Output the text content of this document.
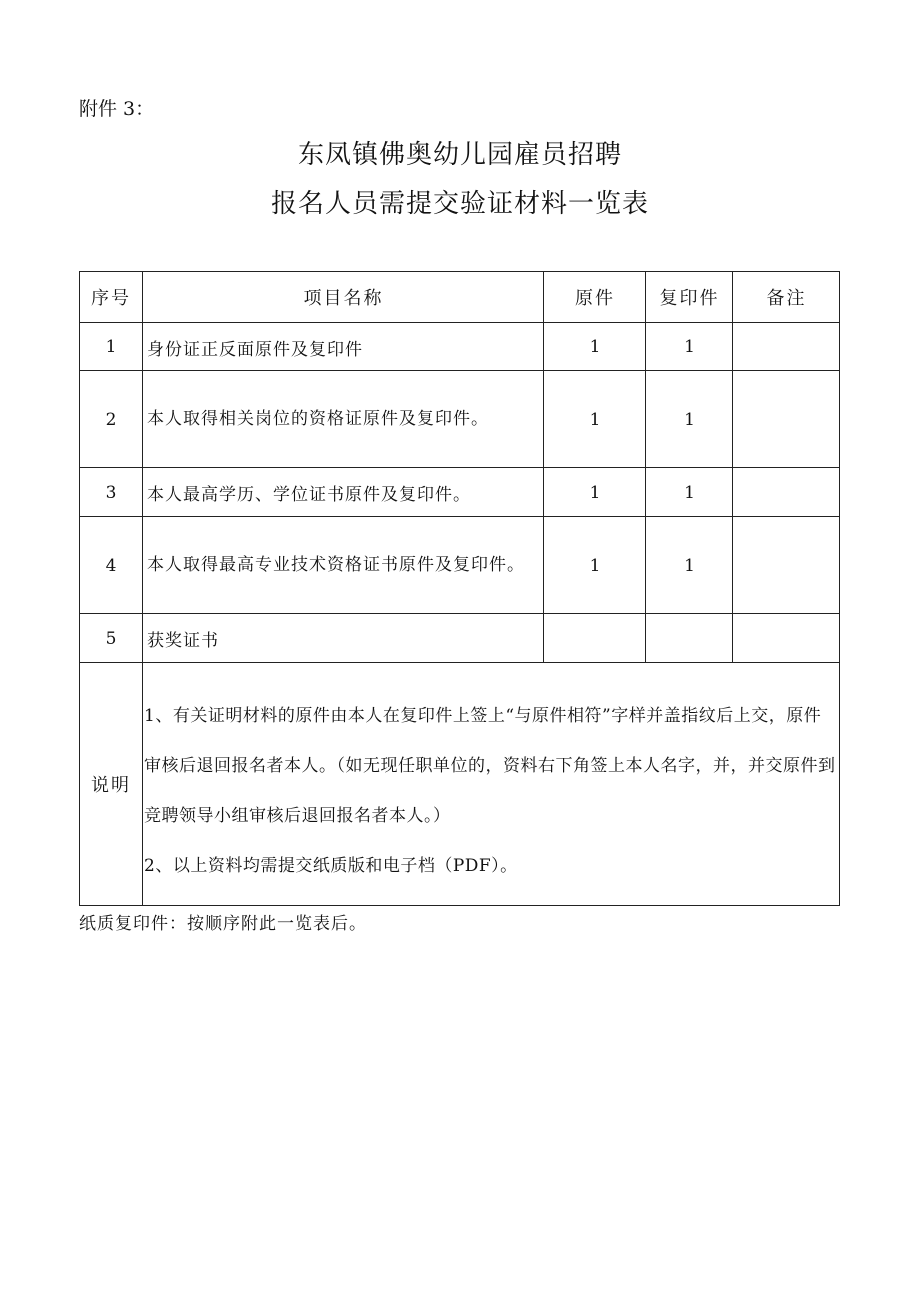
附件 3：
东凤镇佛奥幼儿园雇员招聘
报名人员需提交验证材料一览表
序号	项目名称	原件	复印件	备注
1	身份证正反面原件及复印件	1	1
2	本人取得相关岗位的资格证原件及复印件。	1	1
3	本人最高学历、学位证书原件及复印件。	1	1
4	本人取得最高专业技术资格证书原件及复印件。	1	1
5	获奖证书
说明

1、有关证明材料的原件由本人在复印件上签上“与原件相符”字样并盖指纹后上交，原件审核后退回报名者本人。（如无现任职单位的，资料右下角签上本人名字，并，并交原件到竞聘领导小组审核后退回报名者本人。）

2、以上资料均需提交纸质版和电子档（PDF）。

纸质复印件：按顺序附此一览表后。
